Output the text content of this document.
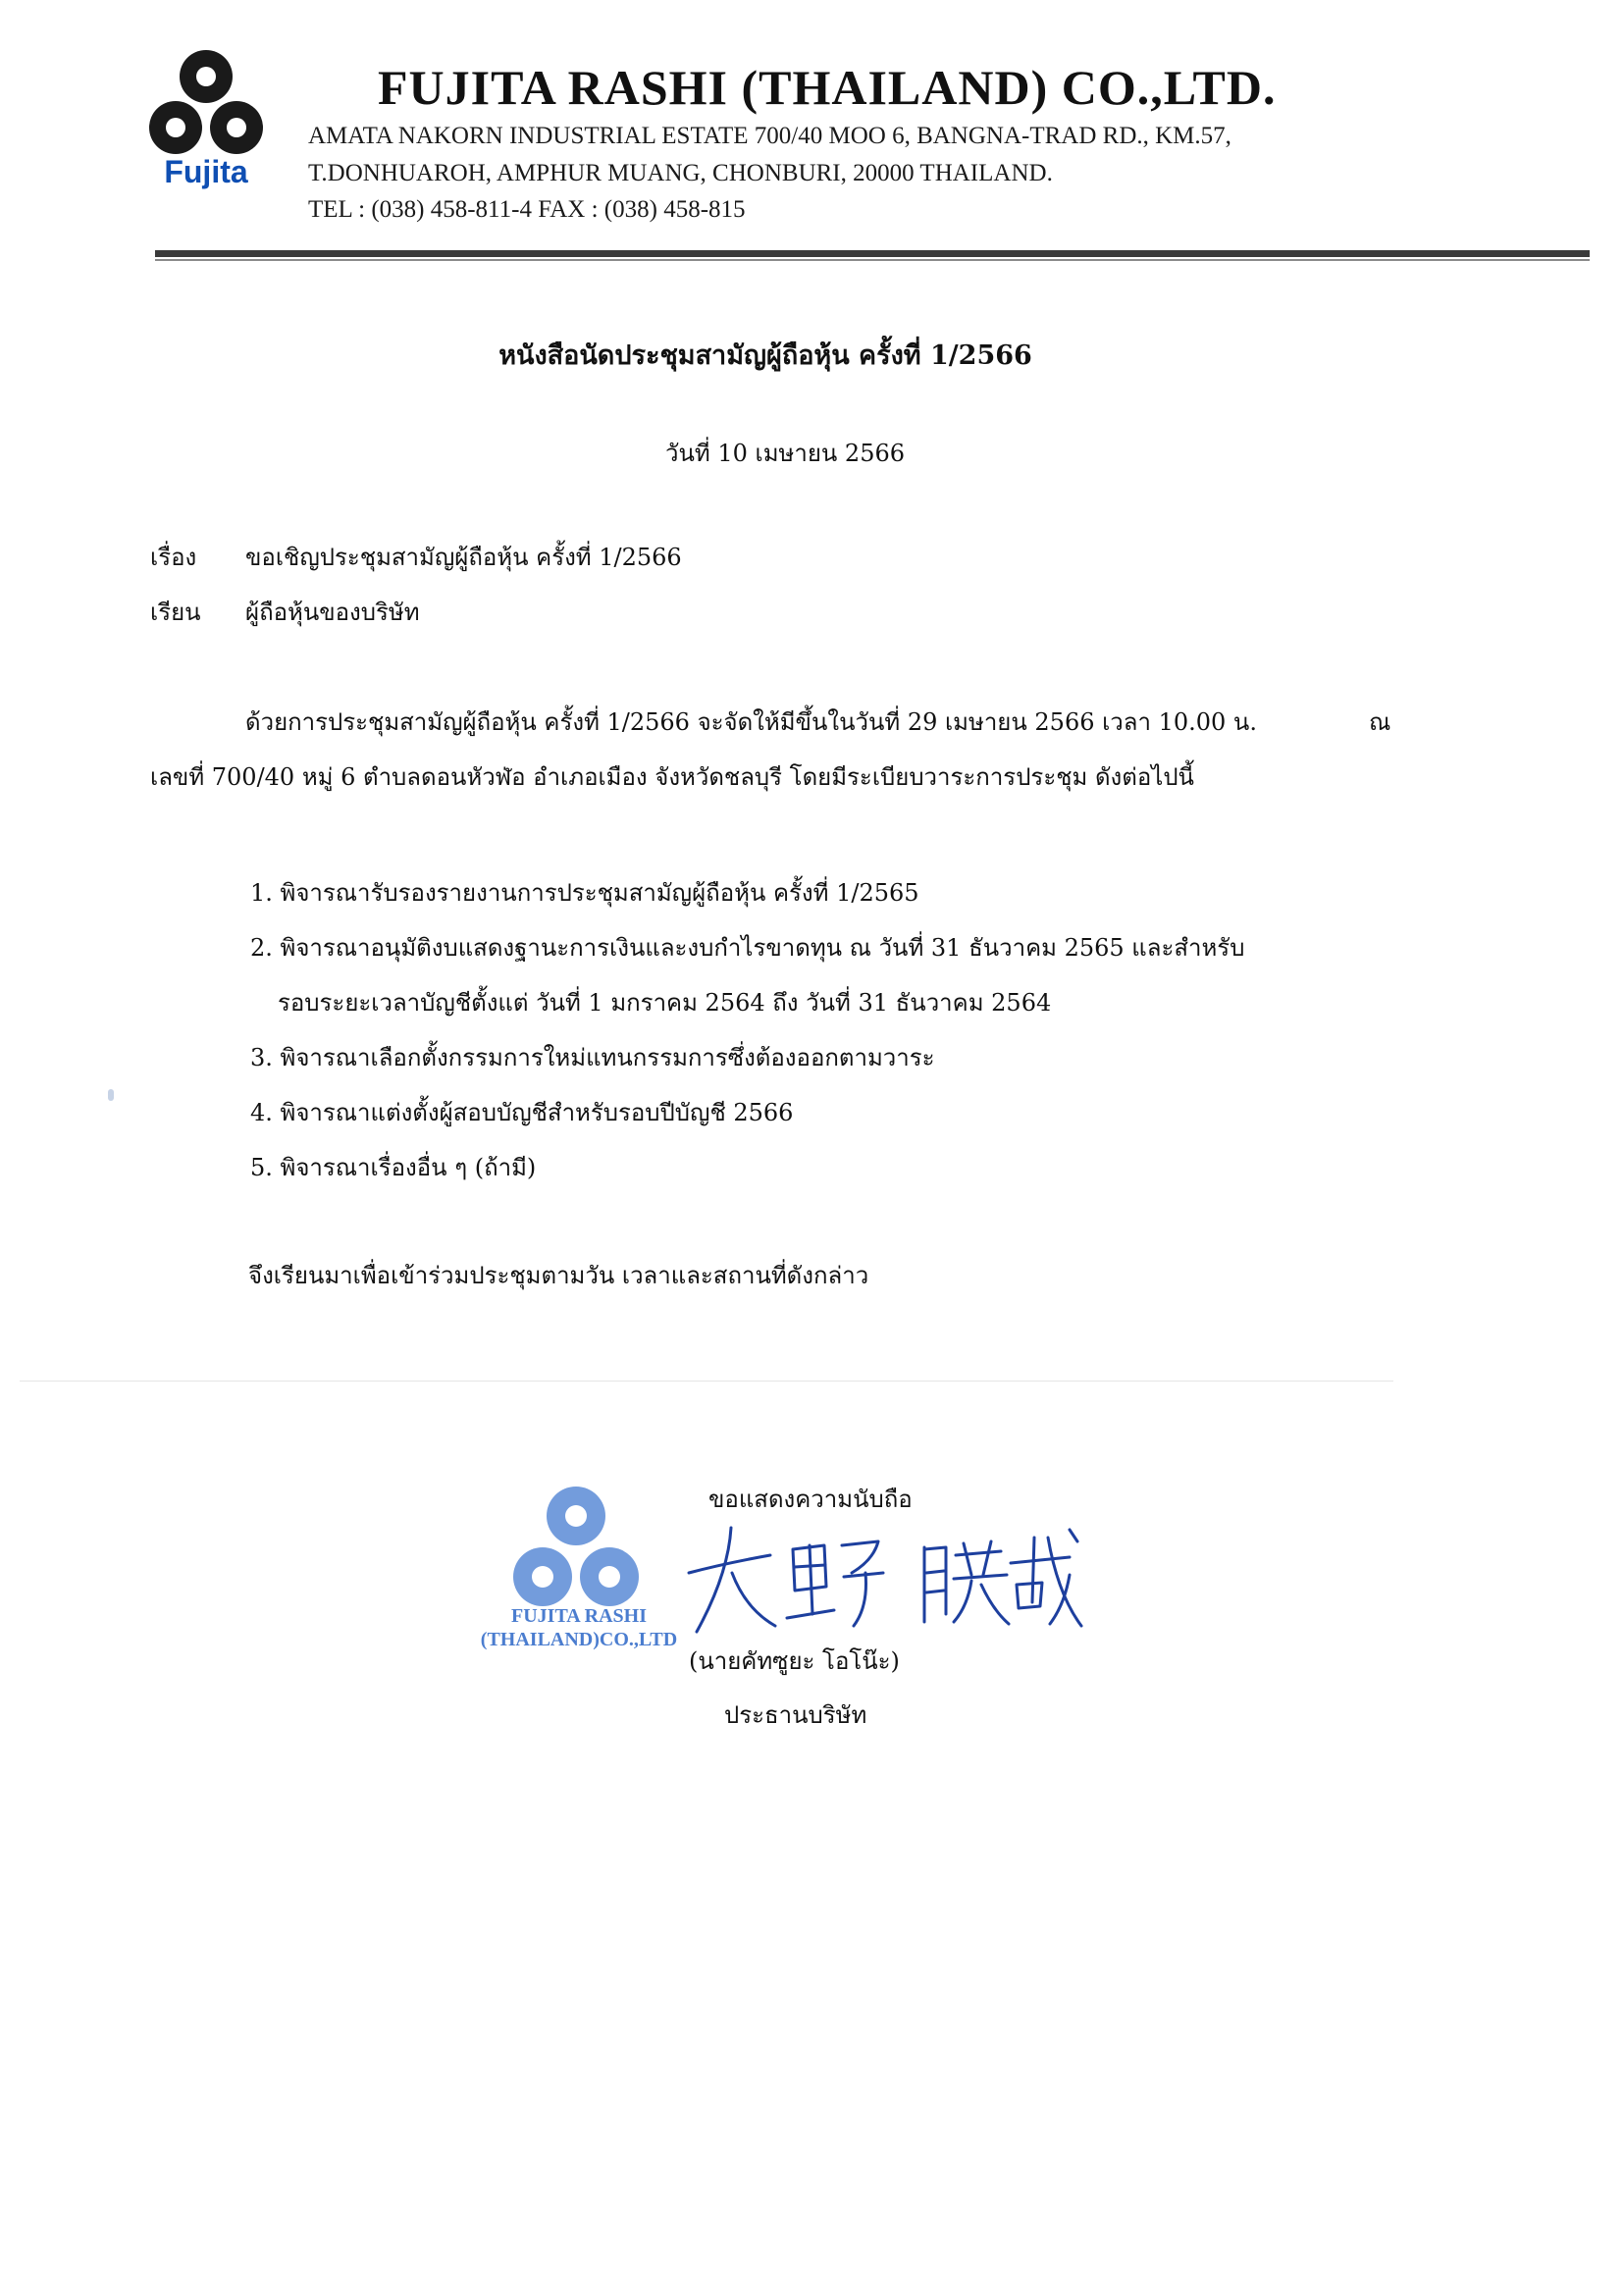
Fujita
FUJITA RASHI (THAILAND) CO.,LTD.
AMATA NAKORN INDUSTRIAL ESTATE 700/40 MOO 6, BANGNA-TRAD RD., KM.57,
T.DONHUAROH, AMPHUR MUANG, CHONBURI, 20000 THAILAND.
TEL : (038) 458-811-4 FAX : (038) 458-815
หนังสือนัดประชุมสามัญผู้ถือหุ้น ครั้งที่ 1/2566
วันที่ 10 เมษายน 2566
เรื่อง ขอเชิญประชุมสามัญผู้ถือหุ้น ครั้งที่ 1/2566
เรียน ผู้ถือหุ้นของบริษัท
ด้วยการประชุมสามัญผู้ถือหุ้น ครั้งที่ 1/2566 จะจัดให้มีขึ้นในวันที่ 29 เมษายน 2566 เวลา 10.00 น.	ณ
เลขที่ 700/40 หมู่ 6 ตำบลดอนหัวฬ่อ อำเภอเมือง จังหวัดชลบุรี โดยมีระเบียบวาระการประชุม ดังต่อไปนี้
1. พิจารณารับรองรายงานการประชุมสามัญผู้ถือหุ้น ครั้งที่ 1/2565
2. พิจารณาอนุมัติงบแสดงฐานะการเงินและงบกำไรขาดทุน ณ วันที่ 31 ธันวาคม 2565 และสำหรับ
รอบระยะเวลาบัญชีตั้งแต่ วันที่ 1 มกราคม 2564 ถึง วันที่ 31 ธันวาคม 2564
3. พิจารณาเลือกตั้งกรรมการใหม่แทนกรรมการซึ่งต้องออกตามวาระ
4. พิจารณาแต่งตั้งผู้สอบบัญชีสำหรับรอบปีบัญชี 2566
5. พิจารณาเรื่องอื่น ๆ (ถ้ามี)
จึงเรียนมาเพื่อเข้าร่วมประชุมตามวัน เวลาและสถานที่ดังกล่าว
ขอแสดงความนับถือ
FUJITA RASHI
(THAILAND)CO.,LTD
大野 勝哉
(นายคัทซูยะ โอโน๊ะ)
ประธานบริษัท
